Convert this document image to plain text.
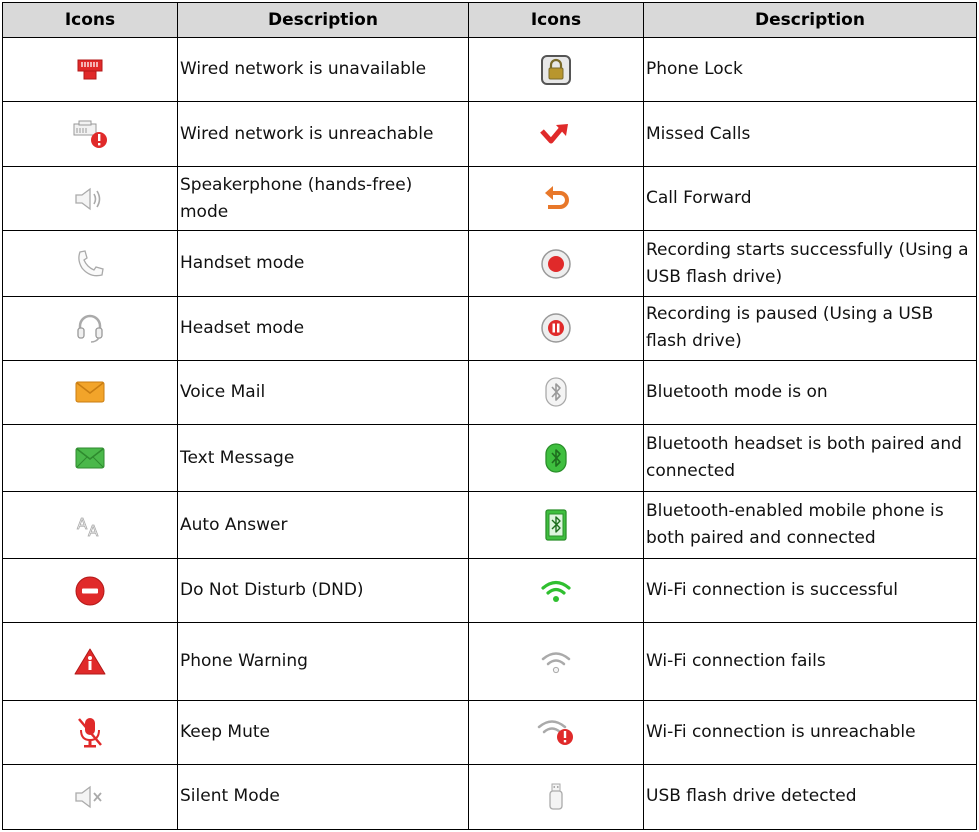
Icons	Description	Icons	Description

	Wired network is unavailable		Phone Lock

	Wired network is unreachable		Missed Calls

	Speakerphone (hands-free) mode		Call Forward

	Handset mode		Recording starts successfully (Using a USB flash drive)

	Headset mode		Recording is paused (Using a USB flash drive)

	Voice Mail		Bluetooth mode is on

	Text Message		Bluetooth headset is both paired and connected

A A	Auto Answer		Bluetooth-enabled mobile phone is both paired and connected

	Do Not Disturb (DND)		Wi-Fi connection is successful

	Phone Warning		Wi-Fi connection fails

	Keep Mute		Wi-Fi connection is unreachable

	Silent Mode		USB flash drive detected
